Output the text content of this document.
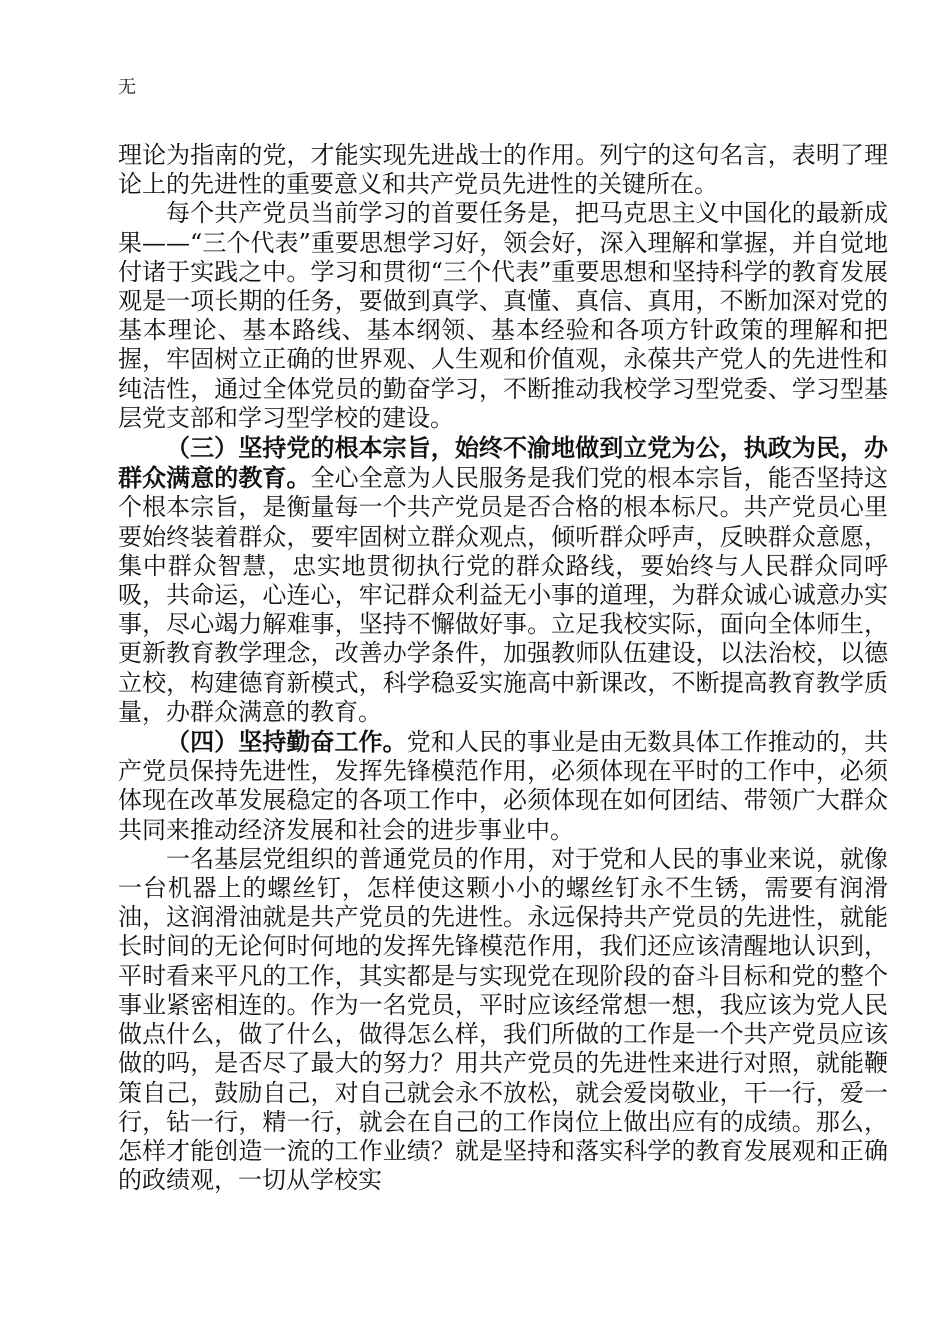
无

理论为指南的党，才能实现先进战士的作用。列宁的这句名言，表明了理论上的先进性的重要意义和共产党员先进性的关键所在。

每个共产党员当前学习的首要任务是，把马克思主义中国化的最新成果——“三个代表”重要思想学习好，领会好，深入理解和掌握，并自觉地付诸于实践之中。学习和贯彻“三个代表”重要思想和坚持科学的教育发展观是一项长期的任务，要做到真学、真懂、真信、真用，不断加深对党的基本理论、基本路线、基本纲领、基本经验和各项方针政策的理解和把握，牢固树立正确的世界观、人生观和价值观，永葆共产党人的先进性和纯洁性，通过全体党员的勤奋学习，不断推动我校学习型党委、学习型基层党支部和学习型学校的建设。

（三）坚持党的根本宗旨，始终不渝地做到立党为公，执政为民，办群众满意的教育。全心全意为人民服务是我们党的根本宗旨，能否坚持这个根本宗旨，是衡量每一个共产党员是否合格的根本标尺。共产党员心里要始终装着群众，要牢固树立群众观点，倾听群众呼声，反映群众意愿，集中群众智慧，忠实地贯彻执行党的群众路线，要始终与人民群众同呼吸，共命运，心连心，牢记群众利益无小事的道理，为群众诚心诚意办实事，尽心竭力解难事，坚持不懈做好事。立足我校实际，面向全体师生，更新教育教学理念，改善办学条件，加强教师队伍建设，以法治校，以德立校，构建德育新模式，科学稳妥实施高中新课改，不断提高教育教学质量，办群众满意的教育。

（四）坚持勤奋工作。党和人民的事业是由无数具体工作推动的，共产党员保持先进性，发挥先锋模范作用，必须体现在平时的工作中，必须体现在改革发展稳定的各项工作中，必须体现在如何团结、带领广大群众共同来推动经济发展和社会的进步事业中。

一名基层党组织的普通党员的作用，对于党和人民的事业来说，就像一台机器上的螺丝钉，怎样使这颗小小的螺丝钉永不生锈，需要有润滑油，这润滑油就是共产党员的先进性。永远保持共产党员的先进性，就能长时间的无论何时何地的发挥先锋模范作用，我们还应该清醒地认识到，平时看来平凡的工作，其实都是与实现党在现阶段的奋斗目标和党的整个事业紧密相连的。作为一名党员，平时应该经常想一想，我应该为党人民做点什么，做了什么，做得怎么样，我们所做的工作是一个共产党员应该做的吗，是否尽了最大的努力？用共产党员的先进性来进行对照，就能鞭策自己，鼓励自己，对自己就会永不放松，就会爱岗敬业，干一行，爱一行，钻一行，精一行，就会在自己的工作岗位上做出应有的成绩。那么，怎样才能创造一流的工作业绩？就是坚持和落实科学的教育发展观和正确的政绩观，一切从学校实
